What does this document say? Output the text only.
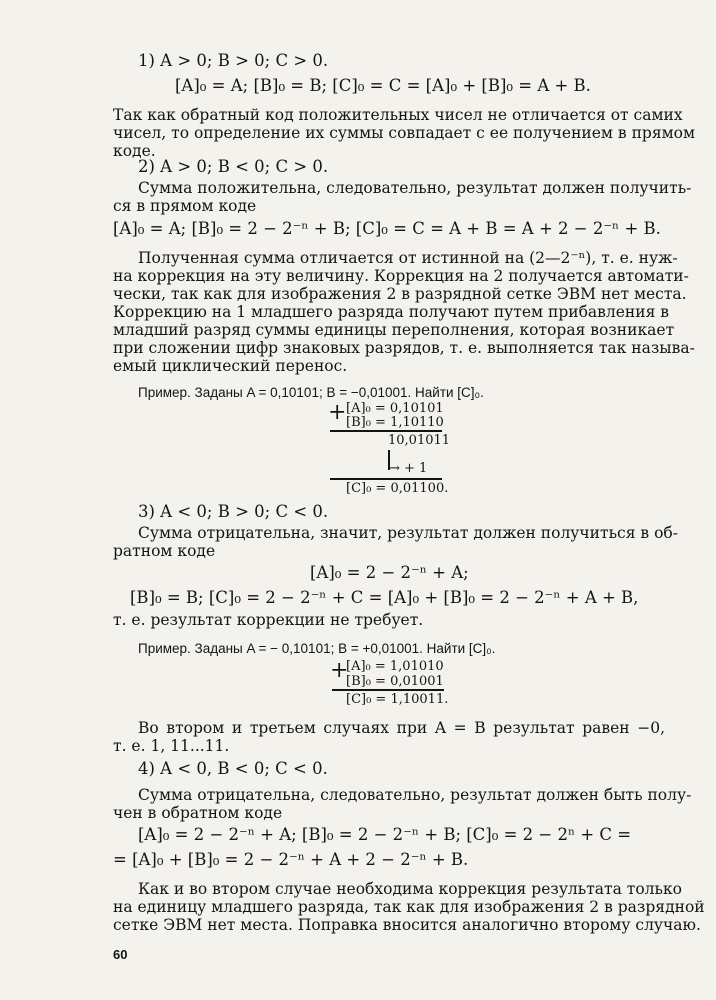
1) A > 0; B > 0; C > 0.
[A]₀ = A; [B]₀ = B; [C]₀ = C = [A]₀ + [B]₀ = A + B.
Так как обратный код положительных чисел не отличается от самих
чисел, то определение их суммы совпадает с ее получением в прямом
коде.
2) A > 0; B < 0; C > 0.
Сумма положительна, следовательно, результат должен получить-
ся в прямом коде
[A]₀ = A; [B]₀ = 2 − 2⁻ⁿ + B; [C]₀ = C = A + B = A + 2 − 2⁻ⁿ + B.
Полученная сумма отличается от истинной на (2—2⁻ⁿ), т. е. нуж-
на коррекция на эту величину. Коррекция на 2 получается автомати-
чески, так как для изображения 2 в разрядной сетке ЭВМ нет места.
Коррекцию на 1 младшего разряда получают путем прибавления в
младший разряд суммы единицы переполнения, которая возникает
при сложении цифр знаковых разрядов, т. е. выполняется так называ-
емый циклический перенос.
Пример. Заданы A = 0,10101; B = −0,01001. Найти [C]₀.
+ [A]₀ = 0,10101
[B]₀ = 1,10110
10,01011
→ + 1
[C]₀ = 0,01100.
3) A < 0; B > 0; C < 0.
Сумма отрицательна, значит, результат должен получиться в об-
ратном коде
[A]₀ = 2 − 2⁻ⁿ + A;
[B]₀ = B; [C]₀ = 2 − 2⁻ⁿ + C = [A]₀ + [B]₀ = 2 − 2⁻ⁿ + A + B,
т. е. результат коррекции не требует.
Пример. Заданы A = − 0,10101; B = +0,01001. Найти [C]₀.
+
[A]₀ = 1,01010
[B]₀ = 0,01001
[C]₀ = 1,10011.
Во втором и третьем случаях при A = B результат равен −0,
т. е. 1, 11...11.
4) A < 0, B < 0; C < 0.
Сумма отрицательна, следовательно, результат должен быть полу-
чен в обратном коде
[A]₀ = 2 − 2⁻ⁿ + A; [B]₀ = 2 − 2⁻ⁿ + B; [C]₀ = 2 − 2ⁿ + C =
= [A]₀ + [B]₀ = 2 − 2⁻ⁿ + A + 2 − 2⁻ⁿ + B.
Как и во втором случае необходима коррекция результата только
на единицу младшего разряда, так как для изображения 2 в разрядной
сетке ЭВМ нет места. Поправка вносится аналогично второму случаю.
60
